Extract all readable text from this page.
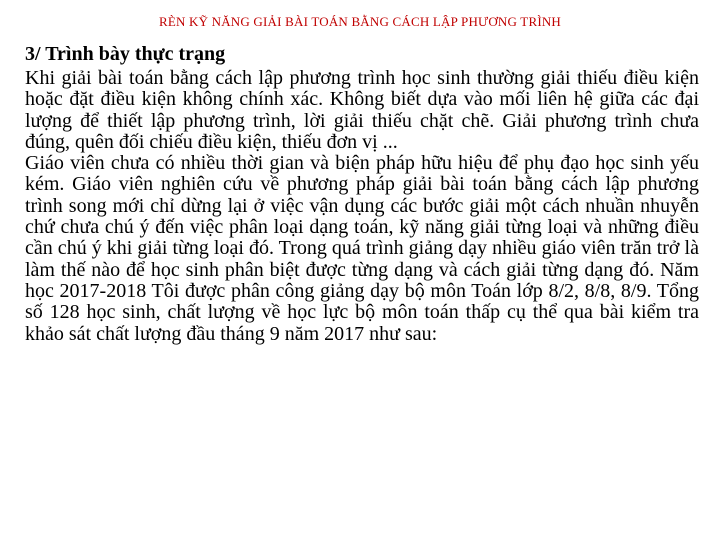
RÈN KỸ NĂNG GIẢI BÀI TOÁN BẰNG CÁCH LẬP PHƯƠNG TRÌNH
3/ Trình bày thực trạng

Khi giải bài toán bằng cách lập phương trình học sinh thường giải thiếu điều kiện hoặc đặt điều kiện không chính xác. Không biết dựa vào mối liên hệ giữa các đại lượng để thiết lập phương trình, lời giải thiếu chặt chẽ. Giải phương trình chưa đúng, quên đối chiếu điều kiện, thiếu đơn vị ...

Giáo viên chưa có nhiều thời gian và biện pháp hữu hiệu để phụ đạo học sinh yếu kém. Giáo viên nghiên cứu về phương pháp giải bài toán bằng cách lập phương trình song mới chỉ dừng lại ở việc vận dụng các bước giải một cách nhuần nhuyễn chứ chưa chú ý đến việc phân loại dạng toán, kỹ năng giải từng loại và những điều cần chú ý khi giải từng loại đó. Trong quá trình giảng dạy nhiều giáo viên trăn trở là làm thế nào để học sinh phân biệt được từng dạng và cách giải từng dạng đó. Năm học 2017-2018 Tôi được phân công giảng dạy bộ môn Toán lớp 8/2, 8/8, 8/9. Tổng số 128 học sinh, chất lượng về học lực bộ môn toán thấp cụ thể qua bài kiểm tra khảo sát chất lượng đầu tháng 9 năm 2017 như sau:
